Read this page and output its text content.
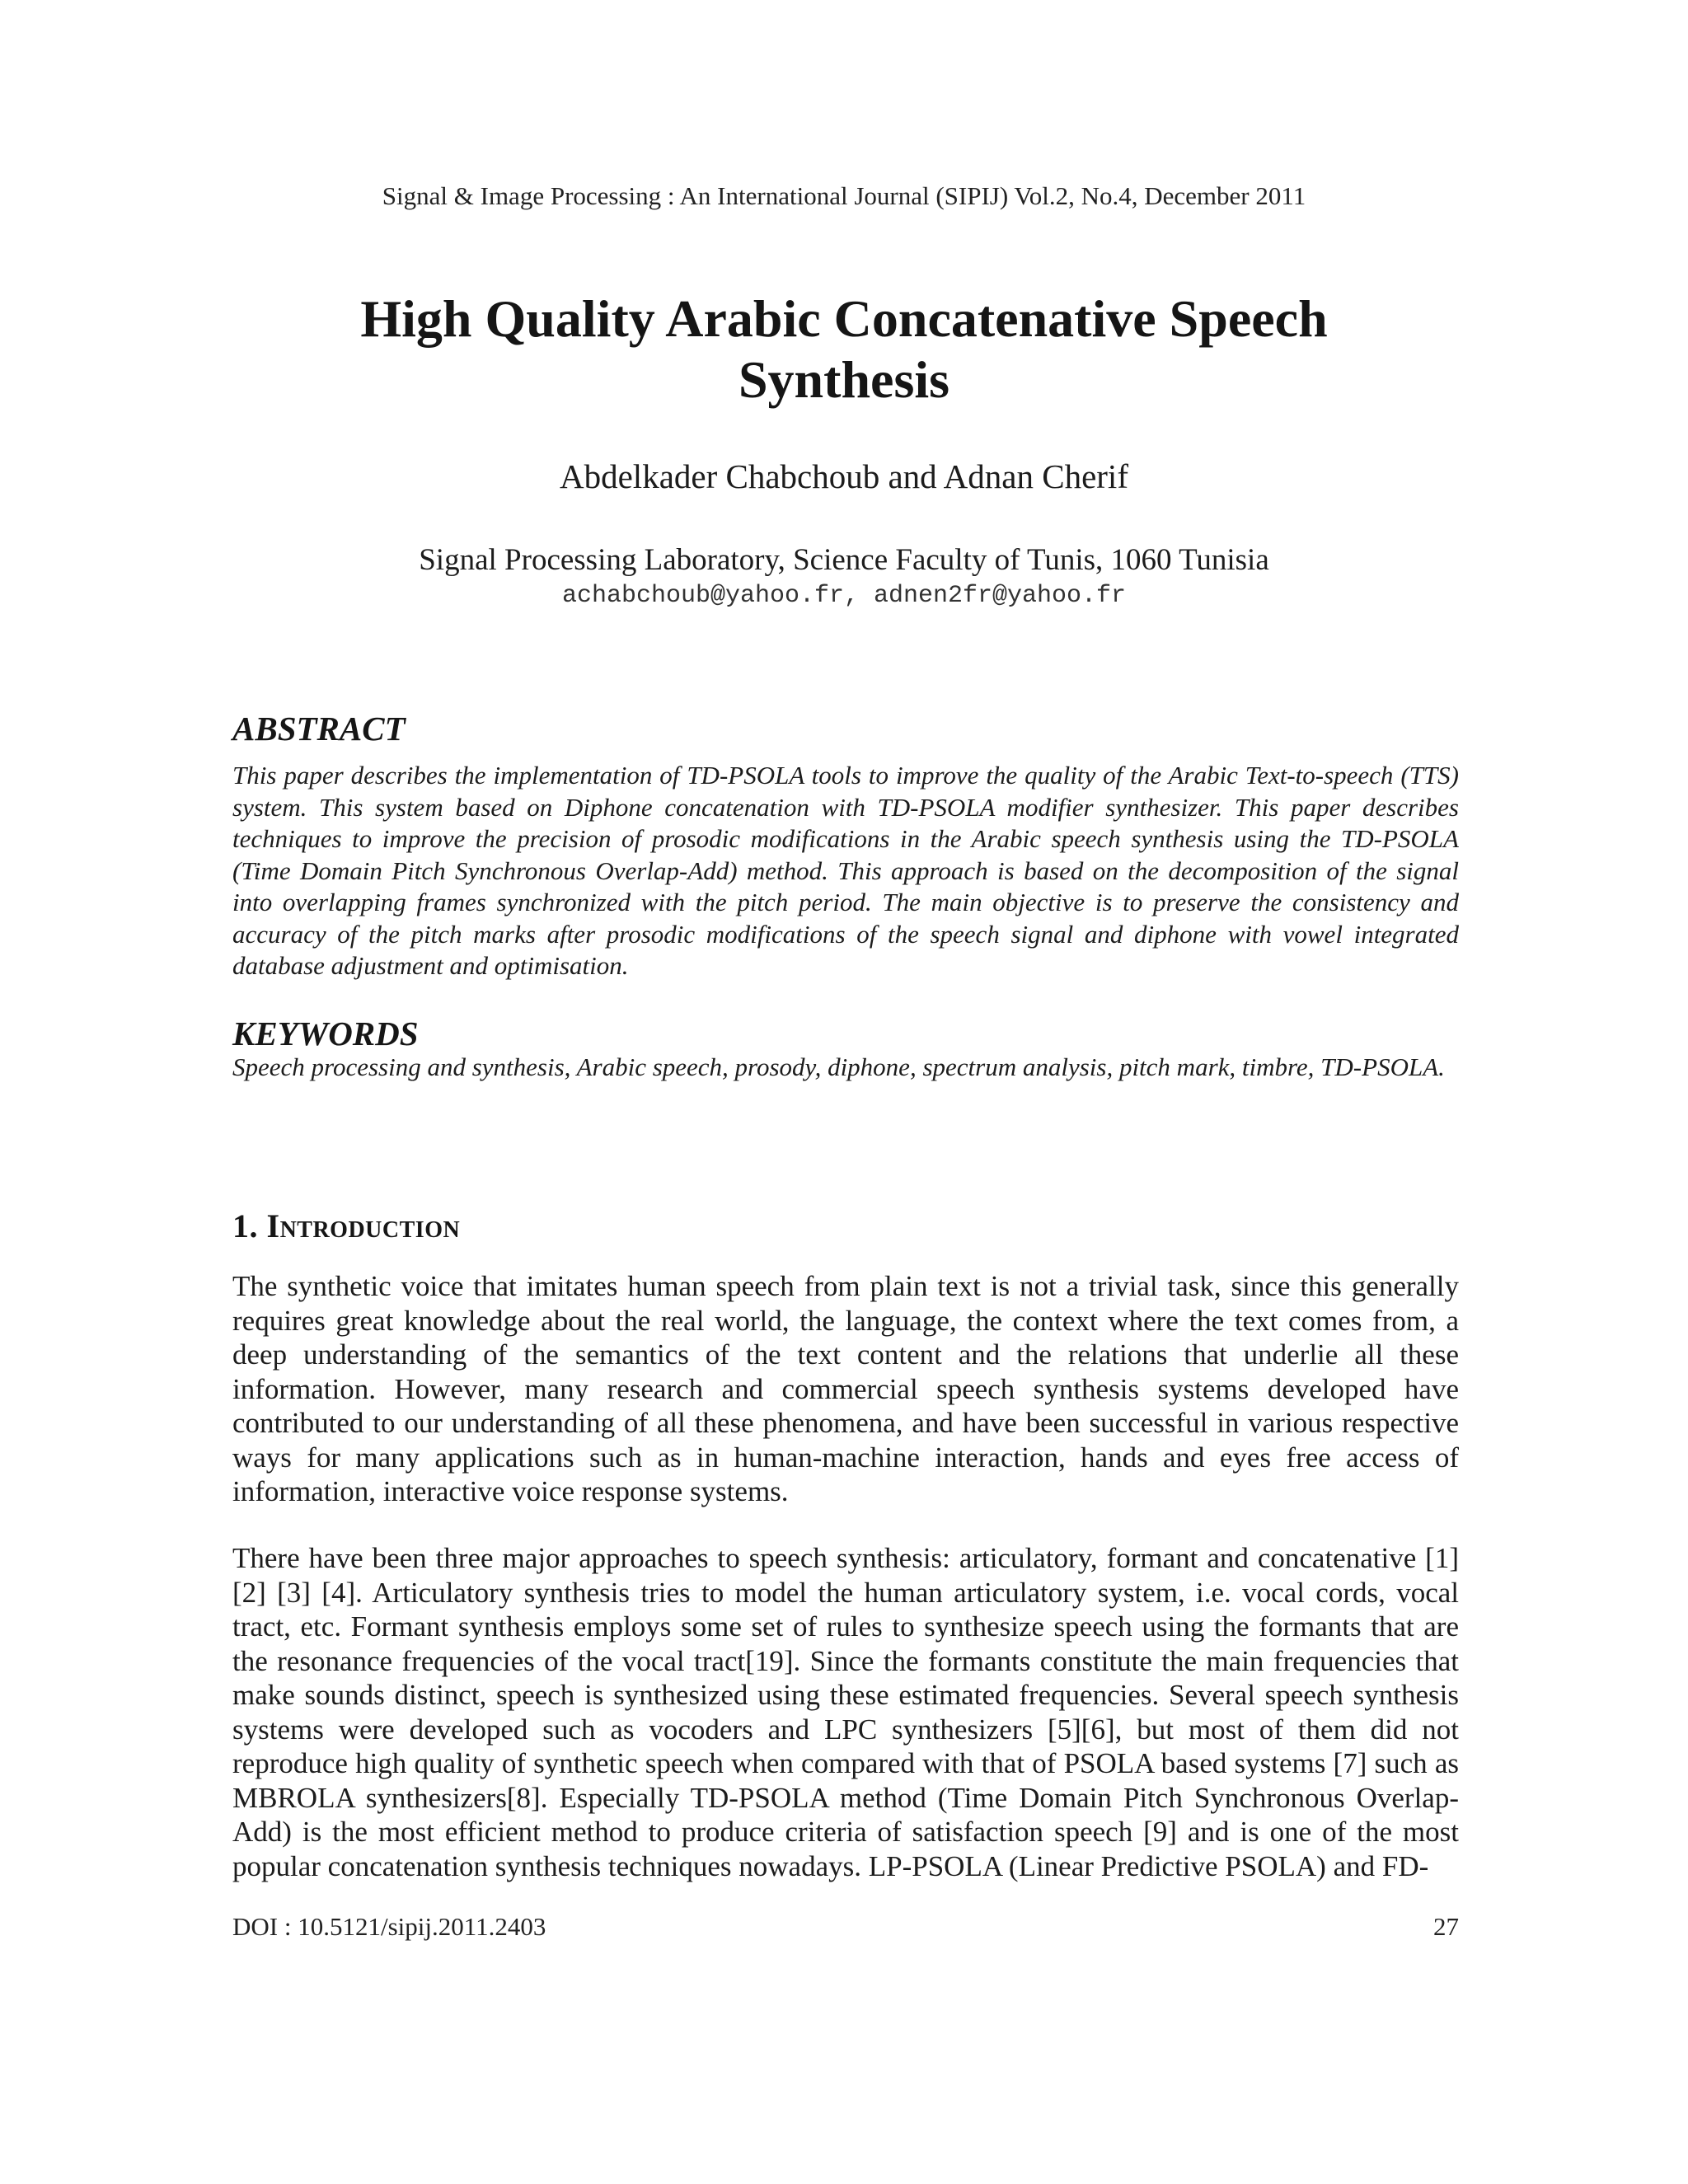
Signal & Image Processing : An International Journal (SIPIJ) Vol.2, No.4, December 2011
High Quality Arabic Concatenative Speech Synthesis
Abdelkader Chabchoub and Adnan Cherif
Signal Processing Laboratory, Science Faculty of Tunis, 1060 Tunisia
achabchoub@yahoo.fr, adnen2fr@yahoo.fr
ABSTRACT

This paper describes the implementation of TD-PSOLA tools to improve the quality of the Arabic Text-to-speech (TTS) system. This system based on Diphone concatenation with TD-PSOLA modifier synthesizer. This paper describes techniques to improve the precision of prosodic modifications in the Arabic speech synthesis using the TD-PSOLA (Time Domain Pitch Synchronous Overlap-Add) method. This approach is based on the decomposition of the signal into overlapping frames synchronized with the pitch period. The main objective is to preserve the consistency and accuracy of the pitch marks after prosodic modifications of the speech signal and diphone with vowel integrated database adjustment and optimisation.

KEYWORDS

Speech processing and synthesis, Arabic speech, prosody, diphone, spectrum analysis, pitch mark, timbre, TD-PSOLA.

1. Introduction

The synthetic voice that imitates human speech from plain text is not a trivial task, since this generally requires great knowledge about the real world, the language, the context where the text comes from, a deep understanding of the semantics of the text content and the relations that underlie all these information. However, many research and commercial speech synthesis systems developed have contributed to our understanding of all these phenomena, and have been successful in various respective ways for many applications such as in human-machine interaction, hands and eyes free access of information, interactive voice response systems.

There have been three major approaches to speech synthesis: articulatory, formant and concatenative [1] [2] [3] [4]. Articulatory synthesis tries to model the human articulatory system, i.e. vocal cords, vocal tract, etc. Formant synthesis employs some set of rules to synthesize speech using the formants that are the resonance frequencies of the vocal tract[19]. Since the formants constitute the main frequencies that make sounds distinct, speech is synthesized using these estimated frequencies. Several speech synthesis systems were developed such as vocoders and LPC synthesizers [5][6], but most of them did not reproduce high quality of synthetic speech when compared with that of PSOLA based systems [7] such as MBROLA synthesizers[8]. Especially TD-PSOLA method (Time Domain Pitch Synchronous Overlap-Add) is the most efficient method to produce criteria of satisfaction speech [9] and is one of the most popular concatenation synthesis techniques nowadays. LP-PSOLA (Linear Predictive PSOLA) and FD-

DOI : 10.5121/sipij.2011.2403	27
